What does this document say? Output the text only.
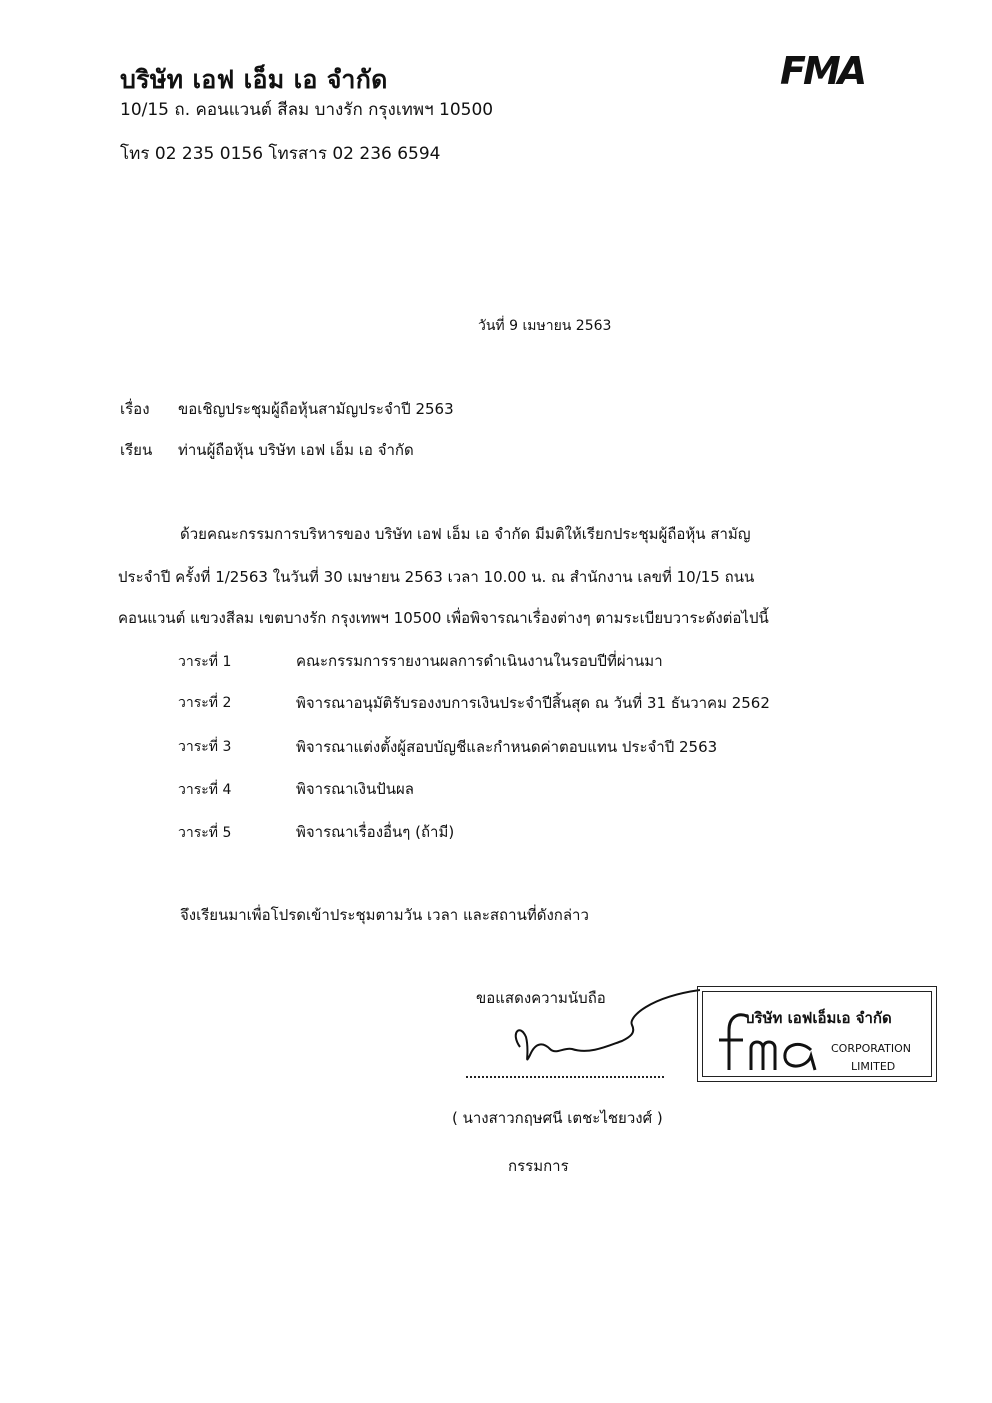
บริษัท เอฟ เอ็ม เอ จำกัด
10/15 ถ. คอนแวนต์ สีลม บางรัก กรุงเทพฯ 10500
โทร 02 235 0156 โทรสาร 02 236 6594
FMA
วันที่ 9 เมษายน 2563
เรื่อง ขอเชิญประชุมผู้ถือหุ้นสามัญประจำปี 2563
เรียน ท่านผู้ถือหุ้น บริษัท เอฟ เอ็ม เอ จำกัด
ด้วยคณะกรรมการบริหารของ บริษัท เอฟ เอ็ม เอ จำกัด มีมติให้เรียกประชุมผู้ถือหุ้น สามัญ
ประจำปี ครั้งที่ 1/2563 ในวันที่ 30 เมษายน 2563 เวลา 10.00 น. ณ สำนักงาน เลขที่ 10/15 ถนน
คอนแวนต์ แขวงสีลม เขตบางรัก กรุงเทพฯ 10500 เพื่อพิจารณาเรื่องต่างๆ ตามระเบียบวาระดังต่อไปนี้
วาระที่ 1	คณะกรรมการรายงานผลการดำเนินงานในรอบปีที่ผ่านมา
วาระที่ 2	พิจารณาอนุมัติรับรองงบการเงินประจำปีสิ้นสุด ณ วันที่ 31 ธันวาคม 2562
วาระที่ 3	พิจารณาแต่งตั้งผู้สอบบัญชีและกำหนดค่าตอบแทน ประจำปี 2563
วาระที่ 4	พิจารณาเงินปันผล
วาระที่ 5	พิจารณาเรื่องอื่นๆ (ถ้ามี)
จึงเรียนมาเพื่อโปรดเข้าประชุมตามวัน เวลา และสถานที่ดังกล่าว
ขอแสดงความนับถือ
( นางสาวกฤษศนี เตชะไชยวงศ์ )
กรรมการ
บริษัท เอฟเอ็มเอ จำกัด
CORPORATION
LIMITED
